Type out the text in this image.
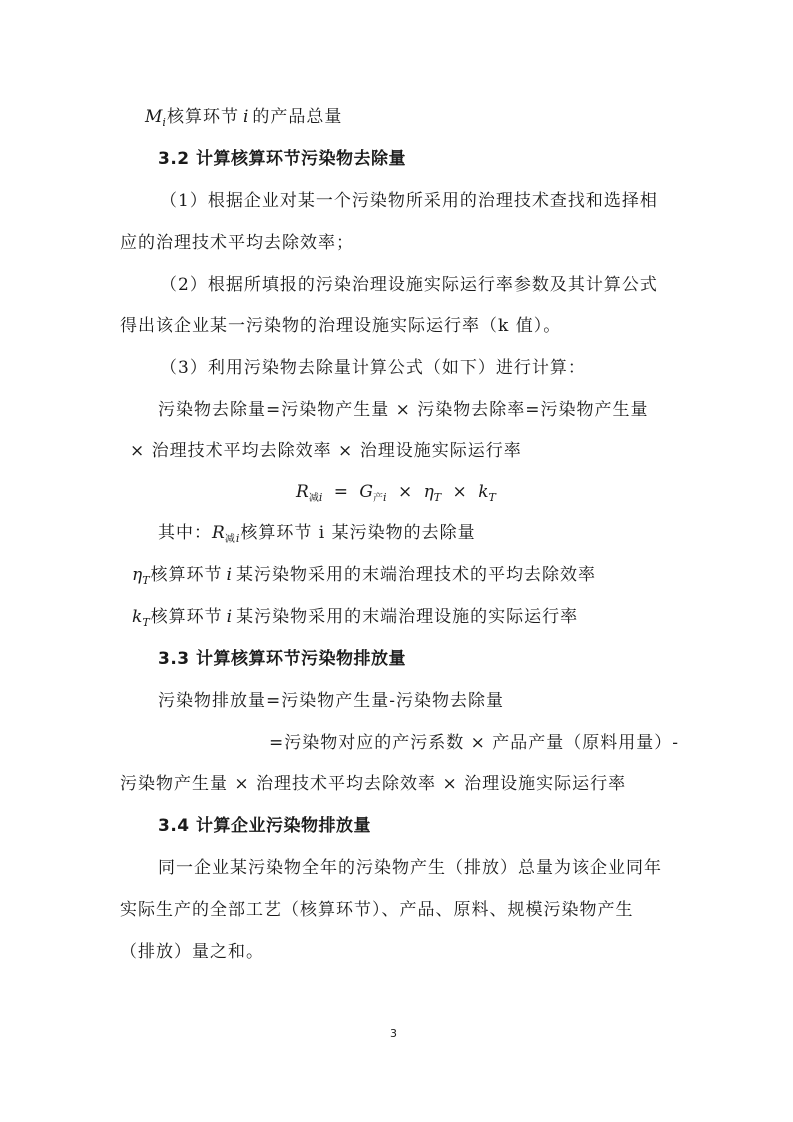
$M_i$核算环节 i 的产品总量
3.2 计算核算环节污染物去除量
（1）根据企业对某一个污染物所采用的治理技术查找和选择相
应的治理技术平均去除效率；
（2）根据所填报的污染治理设施实际运行率参数及其计算公式
得出该企业某一污染物的治理设施实际运行率（k 值）。
（3）利用污染物去除量计算公式（如下）进行计算：
污染物去除量=污染物产生量 × 污染物去除率=污染物产生量
× 治理技术平均去除效率 × 治理设施实际运行率
$R_{减i} = G_{产i} \times \eta_T \times k_T$
其中：$R_{减i}$核算环节 i 某污染物的去除量
$\eta_T$核算环节 i 某污染物采用的末端治理技术的平均去除效率
$k_T$核算环节 i 某污染物采用的末端治理设施的实际运行率
3.3 计算核算环节污染物排放量
污染物排放量=污染物产生量-污染物去除量
=污染物对应的产污系数 × 产品产量（原料用量）-
污染物产生量 × 治理技术平均去除效率 × 治理设施实际运行率
3.4 计算企业污染物排放量
同一企业某污染物全年的污染物产生（排放）总量为该企业同年
实际生产的全部工艺（核算环节）、产品、原料、规模污染物产生
（排放）量之和。
3
